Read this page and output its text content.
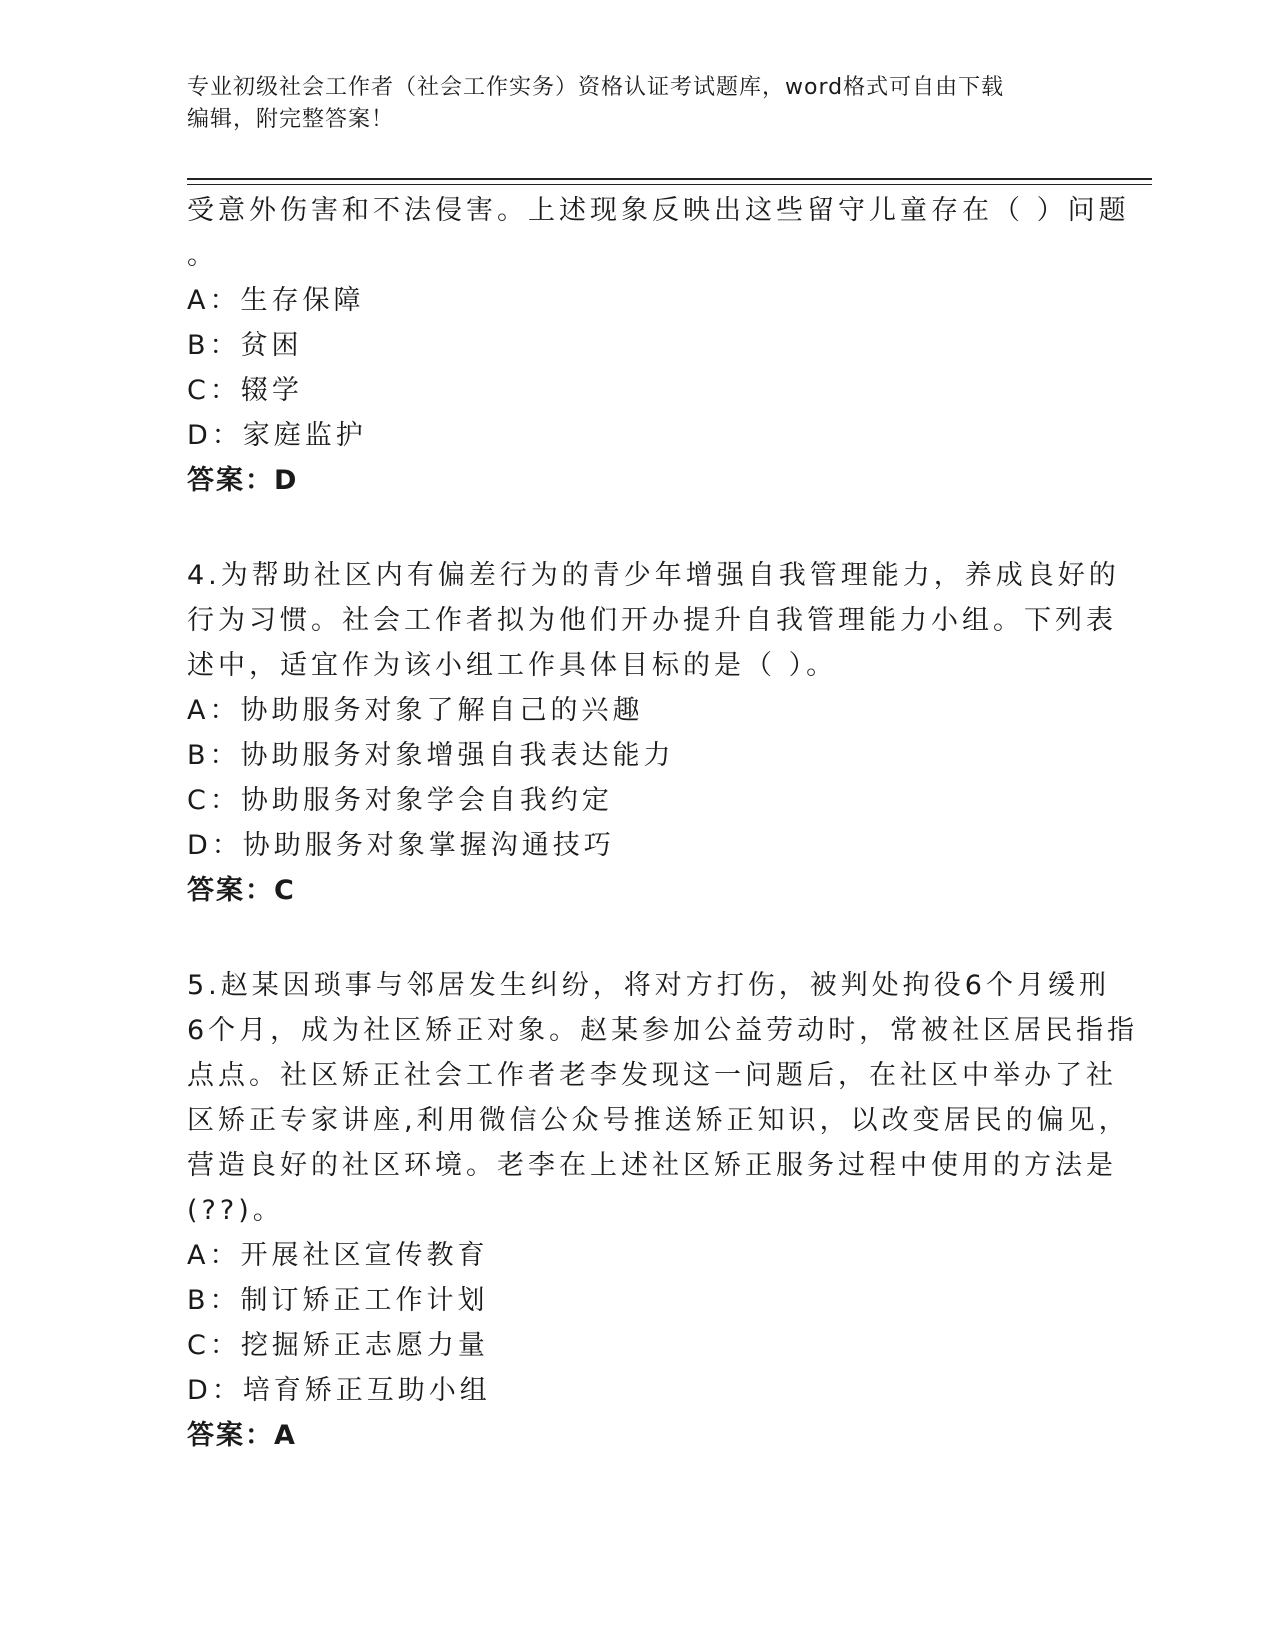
专业初级社会工作者（社会工作实务）资格认证考试题库，word格式可自由下载
编辑，附完整答案！
受意外伤害和不法侵害。上述现象反映出这些留守儿童存在（ ）问题
。
A：生存保障
B：贫困
C：辍学
D：家庭监护
答案：D
4.为帮助社区内有偏差行为的青少年增强自我管理能力，养成良好的
行为习惯。社会工作者拟为他们开办提升自我管理能力小组。下列表
述中，适宜作为该小组工作具体目标的是（ ）。
A：协助服务对象了解自己的兴趣
B：协助服务对象增强自我表达能力
C：协助服务对象学会自我约定
D：协助服务对象掌握沟通技巧
答案：C
5.赵某因琐事与邻居发生纠纷，将对方打伤，被判处拘役6个月缓刑
6个月，成为社区矫正对象。赵某参加公益劳动时，常被社区居民指指
点点。社区矫正社会工作者老李发现这一问题后，在社区中举办了社
区矫正专家讲座,利用微信公众号推送矫正知识，以改变居民的偏见，
营造良好的社区环境。老李在上述社区矫正服务过程中使用的方法是
(??)。
A：开展社区宣传教育
B：制订矫正工作计划
C：挖掘矫正志愿力量
D：培育矫正互助小组
答案：A
